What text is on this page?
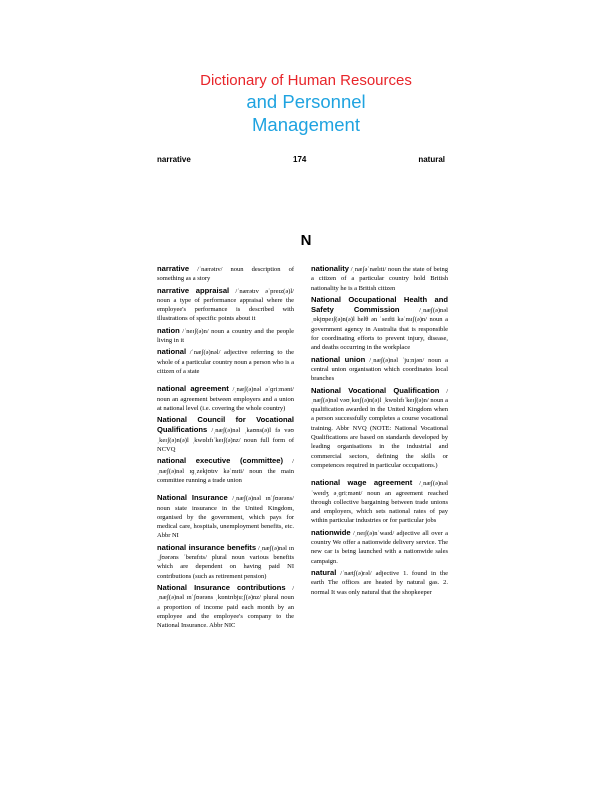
Dictionary of Human Resources
and Personnel
Management
narrative	174	natural
N
narrative /ˈnærətɪv/ noun description of something as a story
narrative appraisal /ˈnærətɪv əˈpreɪz(ə)l/ noun a type of performance appraisal where the employee's performance is described with illustrations of specific points about it
nation /ˈneɪʃ(ə)n/ noun a country and the people living in it
national /ˈnæʃ(ə)nəl/ adjective referring to the whole of a particular country noun a person who is a citizen of a state
national agreement /ˌnæʃ(ə)nəl əˈɡriːmənt/ noun an agreement between employers and a union at national level (i.e. covering the whole country)
National Council for Vocational Qualifications /ˌnæʃ(ə)nəl ˌkaʊns(ə)l fə vəʊˌkeɪʃ(ə)n(ə)l ˌkwɒlɪfɪˈkeɪʃ(ə)nz/ noun full form of NCVQ
national executive (committee) /ˌnæʃ(ə)nəl ɪɡˌzekjʊtɪv kəˈmɪti/ noun the main committee running a trade union
National Insurance /ˌnæʃ(ə)nəl ɪnˈʃʊərəns/ noun state insurance in the United Kingdom, organised by the government, which pays for medical care, hospitals, unemployment benefits, etc. Abbr NI
national insurance benefits /ˌnæʃ(ə)nəl ɪnˌʃʊərəns ˈbenɪfɪts/ plural noun various benefits which are dependent on having paid NI contributions (such as retirement pension)
National Insurance contributions /ˌnæʃ(ə)nəl ɪnˈʃʊərəns ˌkɒntrɪbjuːʃ(ə)nz/ plural noun a proportion of income paid each month by an employee and the employee's company to the National Insurance. Abbr NIC
nationality /ˌnæʃəˈnælɪti/ noun the state of being a citizen of a particular country hold British nationality he is a British citizen
National Occupational Health and Safety Commission /ˌnæʃ(ə)nəl ˌɒkjʊpeɪʃ(ə)n(ə)l helθ ən ˈseɪfti kəˈmɪʃ(ə)n/ noun a government agency in Australia that is responsible for coordinating efforts to prevent injury, disease, and deaths occurring in the workplace
national union /ˌnæʃ(ə)nəl ˈjuːnjən/ noun a central union organisation which coordinates local branches
National Vocational Qualification /ˌnæʃ(ə)nəl vəʊˌkeɪʃ(ə)n(ə)l ˌkwɒlɪfɪˈkeɪʃ(ə)n/ noun a qualification awarded in the United Kingdom when a person successfully completes a course vocational training. Abbr NVQ (NOTE: National Vocational Qualifications are based on standards developed by leading organisations in the industrial and commercial sectors, defining the skills or competences required in particular occupations.)
national wage agreement /ˌnæʃ(ə)nəl ˈweɪdʒ əˌɡriːmənt/ noun an agreement reached through collective bargaining between trade unions and employers, which sets national rates of pay within particular industries or for particular jobs
nationwide /ˌneɪʃ(ə)nˈwaɪd/ adjective all over a country We offer a nationwide delivery service. The new car is being launched with a nationwide sales campaign.
natural /ˈnætʃ(ə)rəl/ adjective 1. found in the earth The offices are heated by natural gas. 2. normal It was only natural that the shopkeeper
